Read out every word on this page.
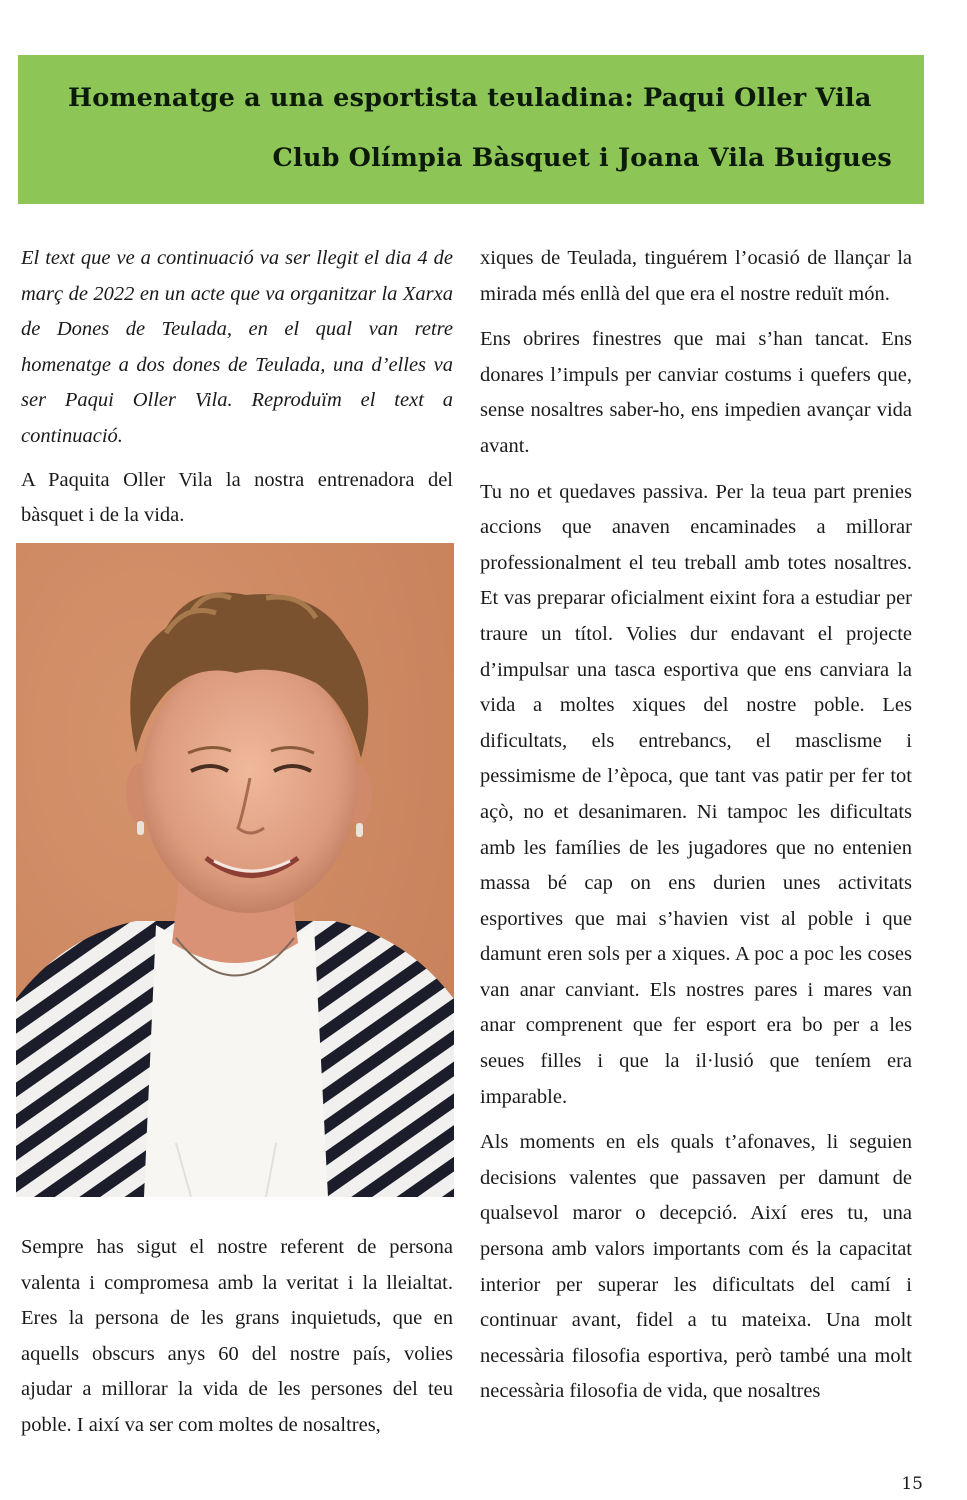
Homenatge a una esportista teuladina: Paqui Oller Vila
Club Olímpia Bàsquet i Joana Vila Buigues

El text que ve a continuació va ser llegit el dia 4 de març de 2022 en un acte que va organitzar la Xarxa de Dones de Teulada, en el qual van retre homenatge a dos dones de Teulada, una d’elles va ser Paqui Oller Vila. Reproduïm el text a continuació.

A Paquita Oller Vila la nostra entrenadora del bàsquet i de la vida.

Sempre has sigut el nostre referent de persona valenta i compromesa amb la veritat i la lleialtat. Eres la persona de les grans inquietuds, que en aquells obscurs anys 60 del nostre país, volies ajudar a millorar la vida de les persones del teu poble. I així va ser com moltes de nosaltres,

xiques de Teulada, tinguérem l’ocasió de llançar la mirada més enllà del que era el nostre reduït món.

Ens obrires finestres que mai s’han tancat. Ens donares l’impuls per canviar costums i quefers que, sense nosaltres saber-ho, ens impedien avançar vida avant.

Tu no et quedaves passiva. Per la teua part prenies accions que anaven encaminades a millorar professionalment el teu treball amb totes nosaltres. Et vas preparar oficialment eixint fora a estudiar per traure un títol. Volies dur endavant el projecte d’impulsar una tasca esportiva que ens canviara la vida a moltes xiques del nostre poble. Les dificultats, els entrebancs, el masclisme i pessimisme de l’època, que tant vas patir per fer tot açò, no et desanimaren. Ni tampoc les dificultats amb les famílies de les jugadores que no entenien massa bé cap on ens durien unes activitats esportives que mai s’havien vist al poble i que damunt eren sols per a xiques. A poc a poc les coses van anar canviant. Els nostres pares i mares van anar comprenent que fer esport era bo per a les seues filles i que la il·lusió que teníem era imparable.

Als moments en els quals t’afonaves, li seguien decisions valentes que passaven per damunt de qualsevol maror o decepció. Així eres tu, una persona amb valors importants com és la capacitat interior per superar les dificultats del camí i continuar avant, fidel a tu mateixa. Una molt necessària filosofia esportiva, però també una molt necessària filosofia de vida, que nosaltres

15
